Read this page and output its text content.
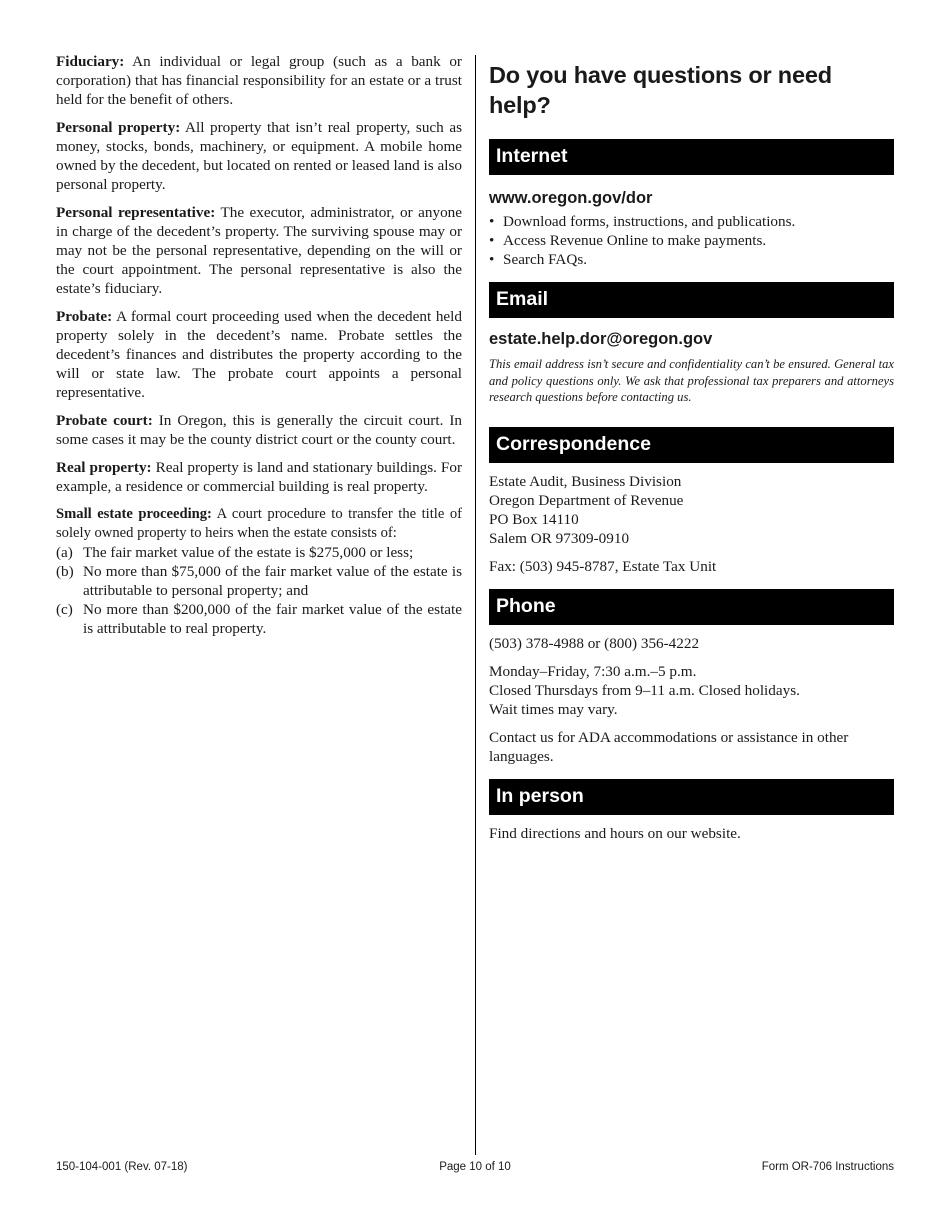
Fiduciary: An individual or legal group (such as a bank or corporation) that has financial responsibility for an estate or a trust held for the benefit of others.

Personal property: All property that isn’t real property, such as money, stocks, bonds, machinery, or equipment. A mobile home owned by the decedent, but located on rented or leased land is also personal property.

Personal representative: The executor, administrator, or anyone in charge of the decedent’s property. The surviving spouse may or may not be the personal representative, depending on the will or the court appointment. The personal representative is also the estate’s fiduciary.

Probate: A formal court proceeding used when the decedent held property solely in the decedent’s name. Probate settles the decedent’s finances and distributes the property according to the will or state law. The probate court appoints a personal representative.

Probate court: In Oregon, this is generally the circuit court. In some cases it may be the county district court or the county court.

Real property: Real property is land and stationary buildings. For example, a residence or commercial building is real property.

Small estate proceeding: A court procedure to transfer the title of solely owned property to heirs when the estate consists of:

(a) The fair market value of the estate is $275,000 or less;
(b) No more than $75,000 of the fair market value of the estate is attributable to personal property; and
(c) No more than $200,000 of the fair market value of the estate is attributable to real property.
Do you have questions or need help?
Internet
www.oregon.gov/dor
• Download forms, instructions, and publications.
• Access Revenue Online to make payments.
• Search FAQs.
Email
estate.help.dor@oregon.gov
This email address isn’t secure and confidentiality can’t be ensured. General tax and policy questions only. We ask that professional tax preparers and attorneys research questions before contacting us.
Correspondence
Estate Audit, Business Division
Oregon Department of Revenue
PO Box 14110
Salem OR 97309-0910
Fax: (503) 945-8787, Estate Tax Unit
Phone
(503) 378-4988 or (800) 356-4222
Monday–Friday, 7:30 a.m.–5 p.m.
Closed Thursdays from 9–11 a.m. Closed holidays.
Wait times may vary.
Contact us for ADA accommodations or assistance in other languages.
In person
Find directions and hours on our website.
Page 10 of 10
150-104-001 (Rev. 07-18)	Form OR-706 Instructions
